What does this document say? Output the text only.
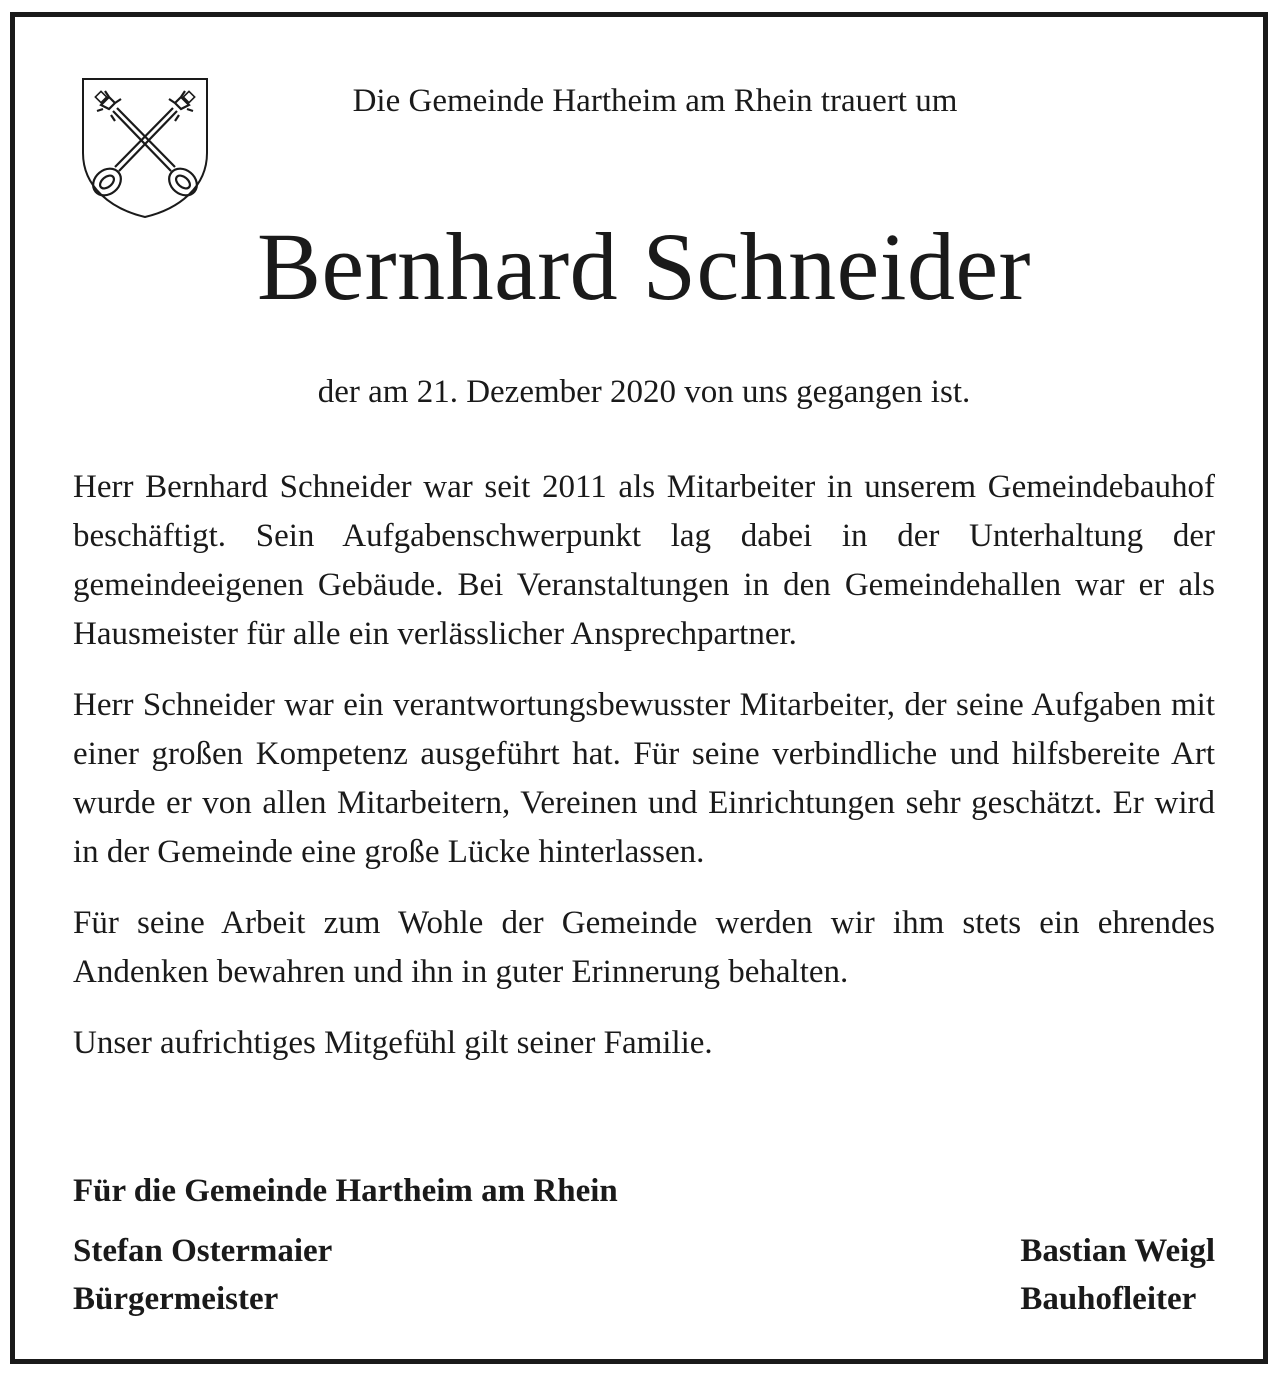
Die Gemeinde Hartheim am Rhein trauert um
Bernhard Schneider
der am 21. Dezember 2020 von uns gegangen ist.

Herr Bernhard Schneider war seit 2011 als Mitarbeiter in unserem Gemeindebauhof beschäftigt. Sein Aufgabenschwerpunkt lag dabei in der Unterhaltung der gemeindeeigenen Gebäude. Bei Veranstaltungen in den Gemeindehallen war er als Hausmeister für alle ein verlässlicher Ansprechpartner.

Herr Schneider war ein verantwortungsbewusster Mitarbeiter, der seine Aufgaben mit einer großen Kompetenz ausgeführt hat. Für seine verbindliche und hilfsbereite Art wurde er von allen Mitarbeitern, Vereinen und Einrichtungen sehr geschätzt. Er wird in der Gemeinde eine große Lücke hinterlassen.

Für seine Arbeit zum Wohle der Gemeinde werden wir ihm stets ein ehrendes Andenken bewahren und ihn in guter Erinnerung behalten.

Unser aufrichtiges Mitgefühl gilt seiner Familie.

Für die Gemeinde Hartheim am Rhein
Stefan Ostermaier
Bürgermeister
Bastian Weigl
Bauhofleiter
